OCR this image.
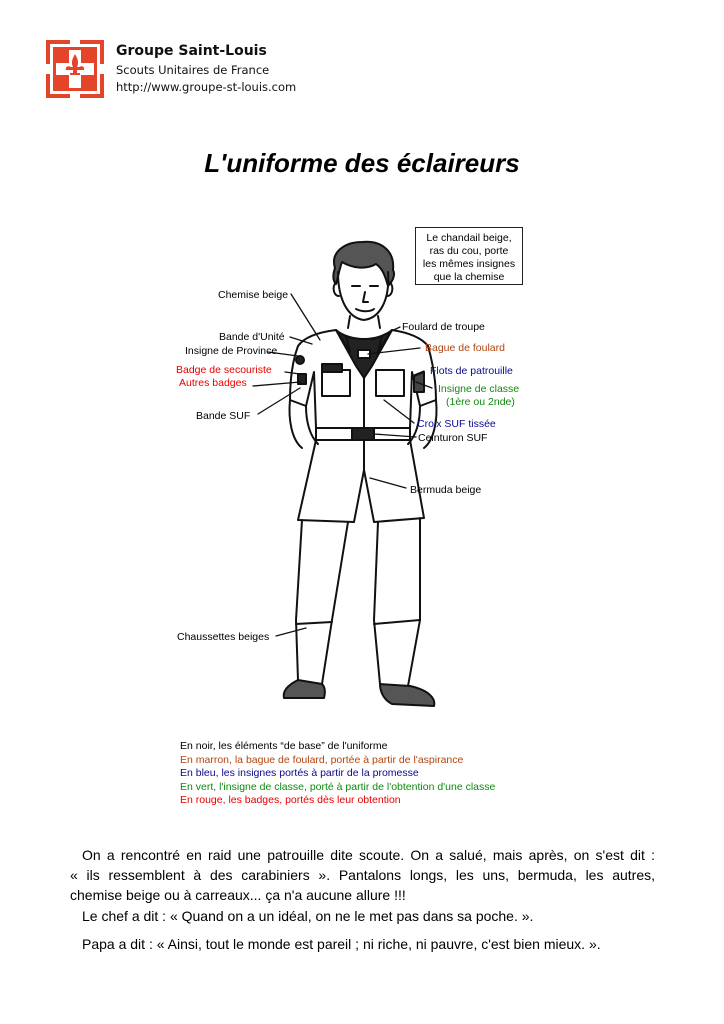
Groupe Saint-Louis
Scouts Unitaires de France
http://www.groupe-st-louis.com
L'uniforme des éclaireurs
Le chandail beige,
ras du cou, porte
les mêmes insignes
que la chemise
Chemise beige
Bande d'Unité
Insigne de Province
Badge de secouriste
Autres badges
Bande SUF
Chaussettes beiges
Foulard de troupe
Bague de foulard
Flots de patrouille
Insigne de classe
(1ère ou 2nde)
Croix SUF tissée
Ceinturon SUF
Bermuda beige
En noir, les éléments “de base” de l'uniforme
En marron, la bague de foulard, portée à partir de l'aspirance
En bleu, les insignes portés à partir de la promesse
En vert, l'insigne de classe, porté à partir de l'obtention d'une classe
En rouge, les badges, portés dès leur obtention
On a rencontré en raid une patrouille dite scoute. On a salué, mais après, on s'est dit :
« ils ressemblent à des carabiniers ». Pantalons longs, les uns, bermuda, les autres,
chemise beige ou à carreaux... ça n'a aucune allure !!!
Le chef a dit : « Quand on a un idéal, on ne le met pas dans sa poche. ».
Papa a dit : « Ainsi, tout le monde est pareil ; ni riche, ni pauvre, c'est bien mieux. ».
